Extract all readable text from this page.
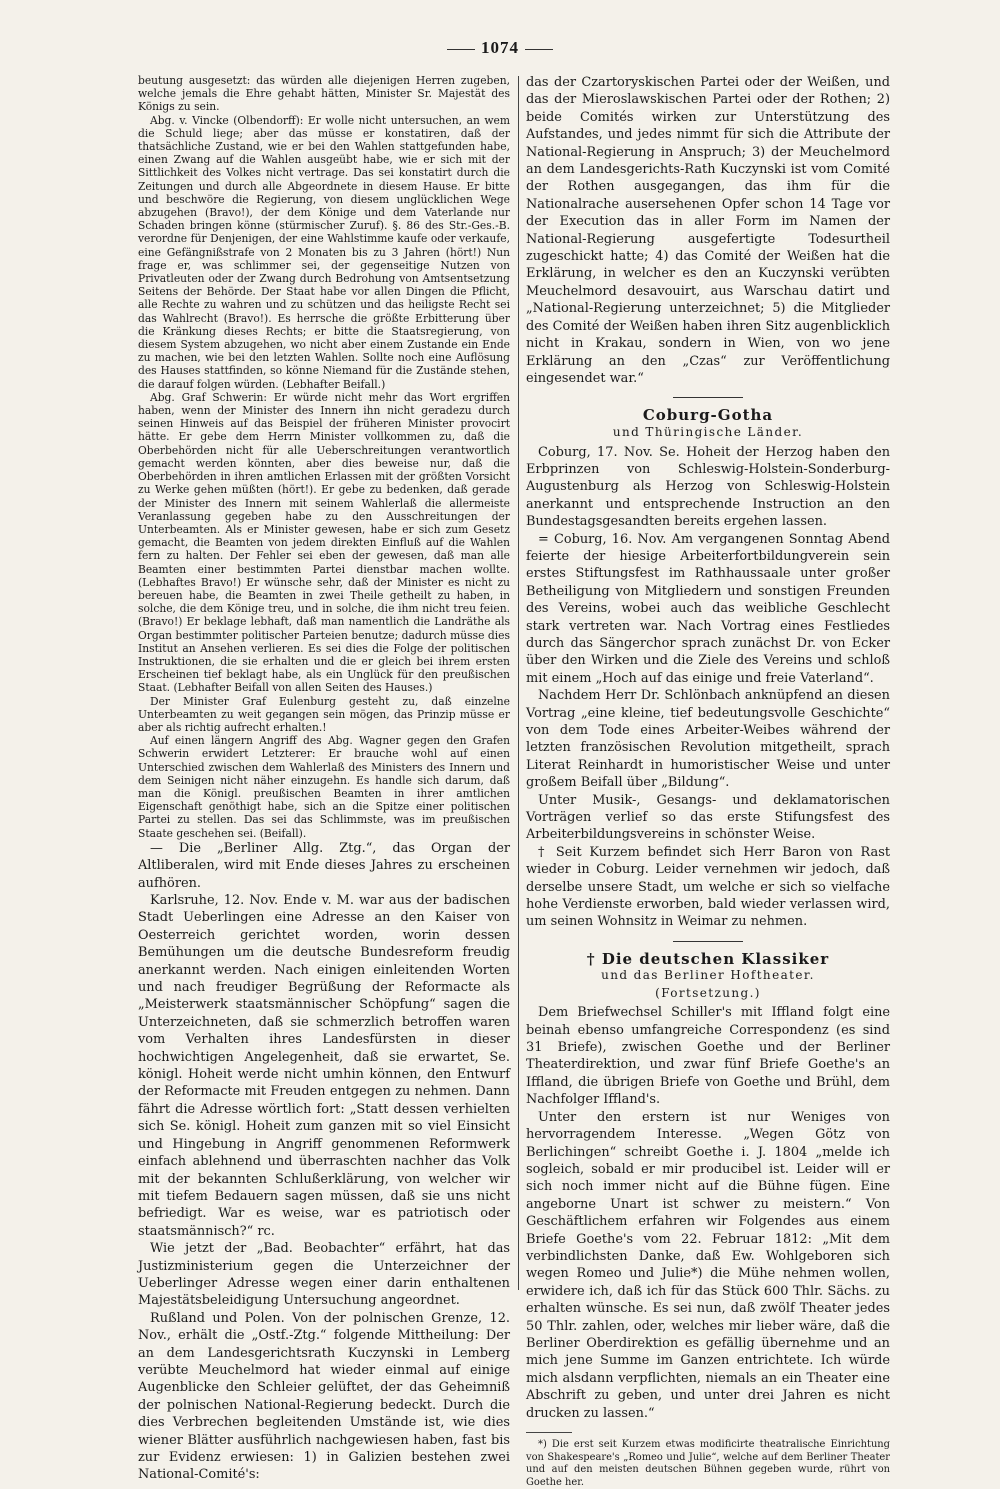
1074

beutung ausgesetzt: das würden alle diejenigen Herren zugeben, welche jemals die Ehre gehabt hätten, Minister Sr. Majestät des Königs zu sein.

Abg. v. Vincke (Olbendorff): Er wolle nicht untersuchen, an wem die Schuld liege; aber das müsse er konstatiren, daß der thatsächliche Zustand, wie er bei den Wahlen stattgefunden habe, einen Zwang auf die Wahlen ausgeübt habe, wie er sich mit der Sittlichkeit des Volkes nicht vertrage. Das sei konstatirt durch die Zeitungen und durch alle Abgeordnete in diesem Hause. Er bitte und beschwöre die Regierung, von diesem unglücklichen Wege abzugehen (Bravo!), der dem Könige und dem Vaterlande nur Schaden bringen könne (stürmischer Zuruf). §. 86 des Str.-Ges.-B. verordne für Denjenigen, der eine Wahlstimme kaufe oder verkaufe, eine Gefängnißstrafe von 2 Monaten bis zu 3 Jahren (hört!) Nun frage er, was schlimmer sei, der gegenseitige Nutzen von Privatleuten oder der Zwang durch Bedrohung von Amtsentsetzung Seitens der Behörde. Der Staat habe vor allen Dingen die Pflicht, alle Rechte zu wahren und zu schützen und das heiligste Recht sei das Wahlrecht (Bravo!). Es herrsche die größte Erbitterung über die Kränkung dieses Rechts; er bitte die Staatsregierung, von diesem System abzugehen, wo nicht aber einem Zustande ein Ende zu machen, wie bei den letzten Wahlen. Sollte noch eine Auflösung des Hauses stattfinden, so könne Niemand für die Zustände stehen, die darauf folgen würden. (Lebhafter Beifall.)

Abg. Graf Schwerin: Er würde nicht mehr das Wort ergriffen haben, wenn der Minister des Innern ihn nicht geradezu durch seinen Hinweis auf das Beispiel der früheren Minister provocirt hätte. Er gebe dem Herrn Minister vollkommen zu, daß die Oberbehörden nicht für alle Ueberschreitungen verantwortlich gemacht werden könnten, aber dies beweise nur, daß die Oberbehörden in ihren amtlichen Erlassen mit der größten Vorsicht zu Werke gehen müßten (hört!). Er gebe zu bedenken, daß gerade der Minister des Innern mit seinem Wahlerlaß die allermeiste Veranlassung gegeben habe zu den Ausschreitungen der Unterbeamten. Als er Minister gewesen, habe er sich zum Gesetz gemacht, die Beamten von jedem direkten Einfluß auf die Wahlen fern zu halten. Der Fehler sei eben der gewesen, daß man alle Beamten einer bestimmten Partei dienstbar machen wollte. (Lebhaftes Bravo!) Er wünsche sehr, daß der Minister es nicht zu bereuen habe, die Beamten in zwei Theile getheilt zu haben, in solche, die dem Könige treu, und in solche, die ihm nicht treu feien. (Bravo!) Er beklage lebhaft, daß man namentlich die Landräthe als Organ bestimmter politischer Parteien benutze; dadurch müsse dies Institut an Ansehen verlieren. Es sei dies die Folge der politischen Instruktionen, die sie erhalten und die er gleich bei ihrem ersten Erscheinen tief beklagt habe, als ein Unglück für den preußischen Staat. (Lebhafter Beifall von allen Seiten des Hauses.)

Der Minister Graf Eulenburg gesteht zu, daß einzelne Unterbeamten zu weit gegangen sein mögen, das Prinzip müsse er aber als richtig aufrecht erhalten.!

Auf einen längern Angriff des Abg. Wagner gegen den Grafen Schwerin erwidert Letzterer: Er brauche wohl auf einen Unterschied zwischen dem Wahlerlaß des Ministers des Innern und dem Seinigen nicht näher einzugehn. Es handle sich darum, daß man die Königl. preußischen Beamten in ihrer amtlichen Eigenschaft genöthigt habe, sich an die Spitze einer politischen Partei zu stellen. Das sei das Schlimmste, was im preußischen Staate geschehen sei. (Beifall).

— Die „Berliner Allg. Ztg.“, das Organ der Altliberalen, wird mit Ende dieses Jahres zu erscheinen aufhören.

Karlsruhe, 12. Nov. Ende v. M. war aus der badischen Stadt Ueberlingen eine Adresse an den Kaiser von Oesterreich gerichtet worden, worin dessen Bemühungen um die deutsche Bundesreform freudig anerkannt werden. Nach einigen einleitenden Worten und nach freudiger Begrüßung der Reformacte als „Meisterwerk staatsmännischer Schöpfung“ sagen die Unterzeichneten, daß sie schmerzlich betroffen waren vom Verhalten ihres Landesfürsten in dieser hochwichtigen Angelegenheit, daß sie erwartet, Se. königl. Hoheit werde nicht umhin können, den Entwurf der Reformacte mit Freuden entgegen zu nehmen. Dann fährt die Adresse wörtlich fort: „Statt dessen verhielten sich Se. königl. Hoheit zum ganzen mit so viel Einsicht und Hingebung in Angriff genommenen Reformwerk einfach ablehnend und überraschten nachher das Volk mit der bekannten Schlußerklärung, von welcher wir mit tiefem Bedauern sagen müssen, daß sie uns nicht befriedigt. War es weise, war es patriotisch oder staatsmännisch?“ rc.

Wie jetzt der „Bad. Beobachter“ erfährt, hat das Justizministerium gegen die Unterzeichner der Ueberlinger Adresse wegen einer darin enthaltenen Majestätsbeleidigung Untersuchung angeordnet.

Rußland und Polen. Von der polnischen Grenze, 12. Nov., erhält die „Ostf.-Ztg.“ folgende Mittheilung: Der an dem Landesgerichtsrath Kuczynski in Lemberg verübte Meuchelmord hat wieder einmal auf einige Augenblicke den Schleier gelüftet, der das Geheimniß der polnischen National-Regierung bedeckt. Durch die dies Verbrechen begleitenden Umstände ist, wie dies wiener Blätter ausführlich nachgewiesen haben, fast bis zur Evidenz erwiesen: 1) in Galizien bestehen zwei National-Comité's:

das der Czartoryskischen Partei oder der Weißen, und das der Mieroslawskischen Partei oder der Rothen; 2) beide Comités wirken zur Unterstützung des Aufstandes, und jedes nimmt für sich die Attribute der National-Regierung in Anspruch; 3) der Meuchelmord an dem Landesgerichts-Rath Kuczynski ist vom Comité der Rothen ausgegangen, das ihm für die Nationalrache ausersehenen Opfer schon 14 Tage vor der Execution das in aller Form im Namen der National-Regierung ausgefertigte Todesurtheil zugeschickt hatte; 4) das Comité der Weißen hat die Erklärung, in welcher es den an Kuczynski verübten Meuchelmord desavouirt, aus Warschau datirt und „National-Regierung unterzeichnet; 5) die Mitglieder des Comité der Weißen haben ihren Sitz augenblicklich nicht in Krakau, sondern in Wien, von wo jene Erklärung an den „Czas“ zur Veröffentlichung eingesendet war.“

Coburg-Gotha
und Thüringische Länder.

Coburg, 17. Nov. Se. Hoheit der Herzog haben den Erbprinzen von Schleswig-Holstein-Sonderburg-Augustenburg als Herzog von Schleswig-Holstein anerkannt und entsprechende Instruction an den Bundestagsgesandten bereits ergehen lassen.

= Coburg, 16. Nov. Am vergangenen Sonntag Abend feierte der hiesige Arbeiterfortbildungverein sein erstes Stiftungsfest im Rathhaussaale unter großer Betheiligung von Mitgliedern und sonstigen Freunden des Vereins, wobei auch das weibliche Geschlecht stark vertreten war. Nach Vortrag eines Festliedes durch das Sängerchor sprach zunächst Dr. von Ecker über den Wirken und die Ziele des Vereins und schloß mit einem „Hoch auf das einige und freie Vaterland“.

Nachdem Herr Dr. Schlönbach anknüpfend an diesen Vortrag „eine kleine, tief bedeutungsvolle Geschichte“ von dem Tode eines Arbeiter-Weibes während der letzten französischen Revolution mitgetheilt, sprach Literat Reinhardt in humoristischer Weise und unter großem Beifall über „Bildung“.

Unter Musik-, Gesangs- und deklamatorischen Vorträgen verlief so das erste Stifungsfest des Arbeiterbildungsvereins in schönster Weise.

† Seit Kurzem befindet sich Herr Baron von Rast wieder in Coburg. Leider vernehmen wir jedoch, daß derselbe unsere Stadt, um welche er sich so vielfache hohe Verdienste erworben, bald wieder verlassen wird, um seinen Wohnsitz in Weimar zu nehmen.

† Die deutschen Klassiker
und das Berliner Hoftheater.
(Fortsetzung.)

Dem Briefwechsel Schiller's mit Iffland folgt eine beinah ebenso umfangreiche Correspondenz (es sind 31 Briefe), zwischen Goethe und der Berliner Theaterdirektion, und zwar fünf Briefe Goethe's an Iffland, die übrigen Briefe von Goethe und Brühl, dem Nachfolger Iffland's.

Unter den erstern ist nur Weniges von hervorragendem Interesse. „Wegen Götz von Berlichingen“ schreibt Goethe i. J. 1804 „melde ich sogleich, sobald er mir producibel ist. Leider will er sich noch immer nicht auf die Bühne fügen. Eine angeborne Unart ist schwer zu meistern.“ Von Geschäftlichem erfahren wir Folgendes aus einem Briefe Goethe's vom 22. Februar 1812: „Mit dem verbindlichsten Danke, daß Ew. Wohlgeboren sich wegen Romeo und Julie*) die Mühe nehmen wollen, erwidere ich, daß ich für das Stück 600 Thlr. Sächs. zu erhalten wünsche. Es sei nun, daß zwölf Theater jedes 50 Thlr. zahlen, oder, welches mir lieber wäre, daß die Berliner Oberdirektion es gefällig übernehme und an mich jene Summe im Ganzen entrichtete. Ich würde mich alsdann verpflichten, niemals an ein Theater eine Abschrift zu geben, und unter drei Jahren es nicht drucken zu lassen.“

*) Die erst seit Kurzem etwas modificirte theatralische Einrichtung von Shakespeare's „Romeo und Julie“, welche auf dem Berliner Theater und auf den meisten deutschen Bühnen gegeben wurde, rührt von Goethe her.
